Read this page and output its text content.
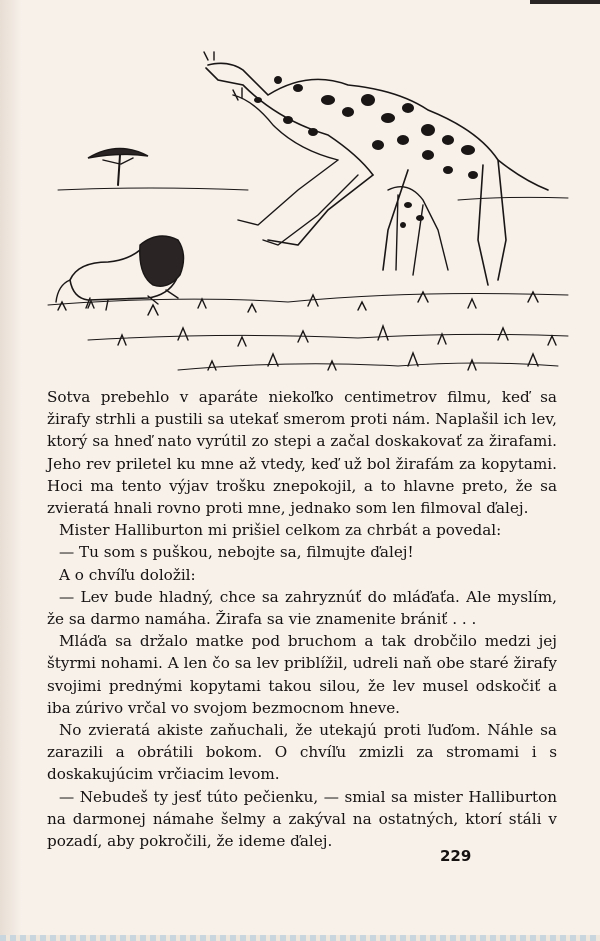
Sotva prebehlo v aparáte niekoľko centimetrov filmu, keď sa žirafy strhli a pustili sa utekať smerom proti nám. Naplašil ich lev, ktorý sa hneď nato vyrútil zo stepi a začal doskakovať za žirafami. Jeho rev priletel ku mne až vtedy, keď už bol žirafám za kopytami. Hoci ma tento výjav trošku znepokojil, a to hlavne preto, že sa zvieratá hnali rovno proti mne, jednako som len filmoval ďalej.

Mister Halliburton mi prišiel celkom za chrbát a povedal:

— Tu som s puškou, nebojte sa, filmujte ďalej!

A o chvíľu doložil:

— Lev bude hladný, chce sa zahryznúť do mláďaťa. Ale myslím, že sa darmo namáha. Žirafa sa vie znamenite brániť . . .

Mláďa sa držalo matke pod bruchom a tak drobčilo medzi jej štyrmi nohami. A len čo sa lev priblížil, udreli naň obe staré žirafy svojimi prednými kopytami takou silou, že lev musel odskočiť a iba zúrivo vrčal vo svojom bezmocnom hneve.

No zvieratá akiste zaňuchali, že utekajú proti ľuďom. Náhle sa zarazili a obrátili bokom. O chvíľu zmizli za stromami i s doskakujúcim vrčiacim levom.

— Nebudeš ty jesť túto pečienku, — smial sa mister Halliburton na darmonej námahe šelmy a zakýval na ostatných, ktorí stáli v pozadí, aby pokročili, že ideme ďalej.

229
